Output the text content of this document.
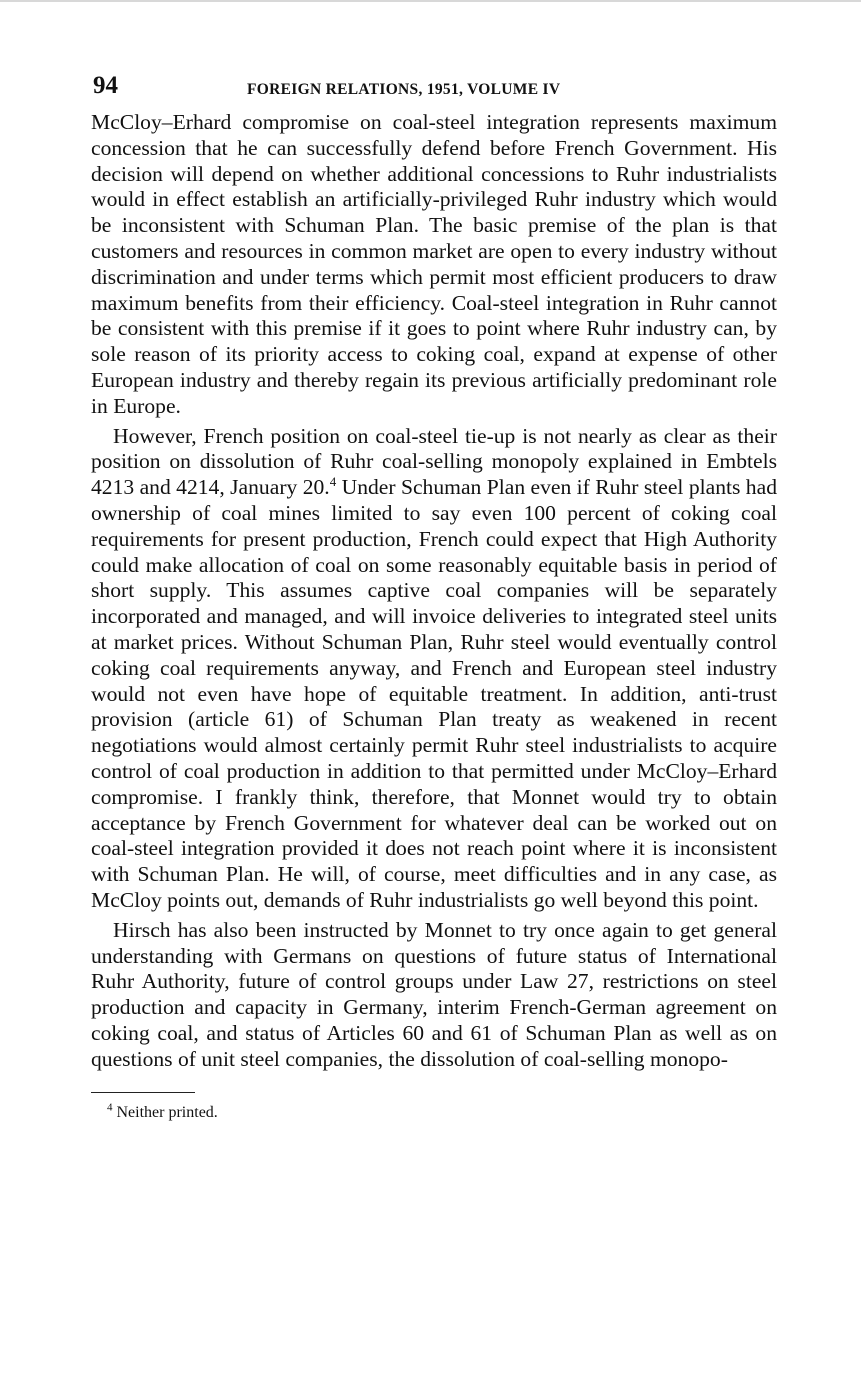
94	FOREIGN RELATIONS, 1951, VOLUME IV

McCloy–Erhard compromise on coal-steel integration represents maximum concession that he can successfully defend before French Government. His decision will depend on whether additional concessions to Ruhr industrialists would in effect establish an artificially-privileged Ruhr industry which would be inconsistent with Schuman Plan. The basic premise of the plan is that customers and resources in common market are open to every industry without discrimination and under terms which permit most efficient producers to draw maximum benefits from their efficiency. Coal-steel integration in Ruhr cannot be consistent with this premise if it goes to point where Ruhr industry can, by sole reason of its priority access to coking coal, expand at expense of other European industry and thereby regain its previous artificially predominant role in Europe.

However, French position on coal-steel tie-up is not nearly as clear as their position on dissolution of Ruhr coal-selling monopoly explained in Embtels 4213 and 4214, January 20.$^4$ Under Schuman Plan even if Ruhr steel plants had ownership of coal mines limited to say even 100 percent of coking coal requirements for present production, French could expect that High Authority could make allocation of coal on some reasonably equitable basis in period of short supply. This assumes captive coal companies will be separately incorporated and managed, and will invoice deliveries to integrated steel units at market prices. Without Schuman Plan, Ruhr steel would eventually control coking coal requirements anyway, and French and European steel industry would not even have hope of equitable treatment. In addition, anti-trust provision (article 61) of Schuman Plan treaty as weakened in recent negotiations would almost certainly permit Ruhr steel industrialists to acquire control of coal production in addition to that permitted under McCloy–Erhard compromise. I frankly think, therefore, that Monnet would try to obtain acceptance by French Government for whatever deal can be worked out on coal-steel integration provided it does not reach point where it is inconsistent with Schuman Plan. He will, of course, meet difficulties and in any case, as McCloy points out, demands of Ruhr industrialists go well beyond this point.

Hirsch has also been instructed by Monnet to try once again to get general understanding with Germans on questions of future status of International Ruhr Authority, future of control groups under Law 27, restrictions on steel production and capacity in Germany, interim French-German agreement on coking coal, and status of Articles 60 and 61 of Schuman Plan as well as on questions of unit steel companies, the dissolution of coal-selling monopo-

$^4$ Neither printed.
